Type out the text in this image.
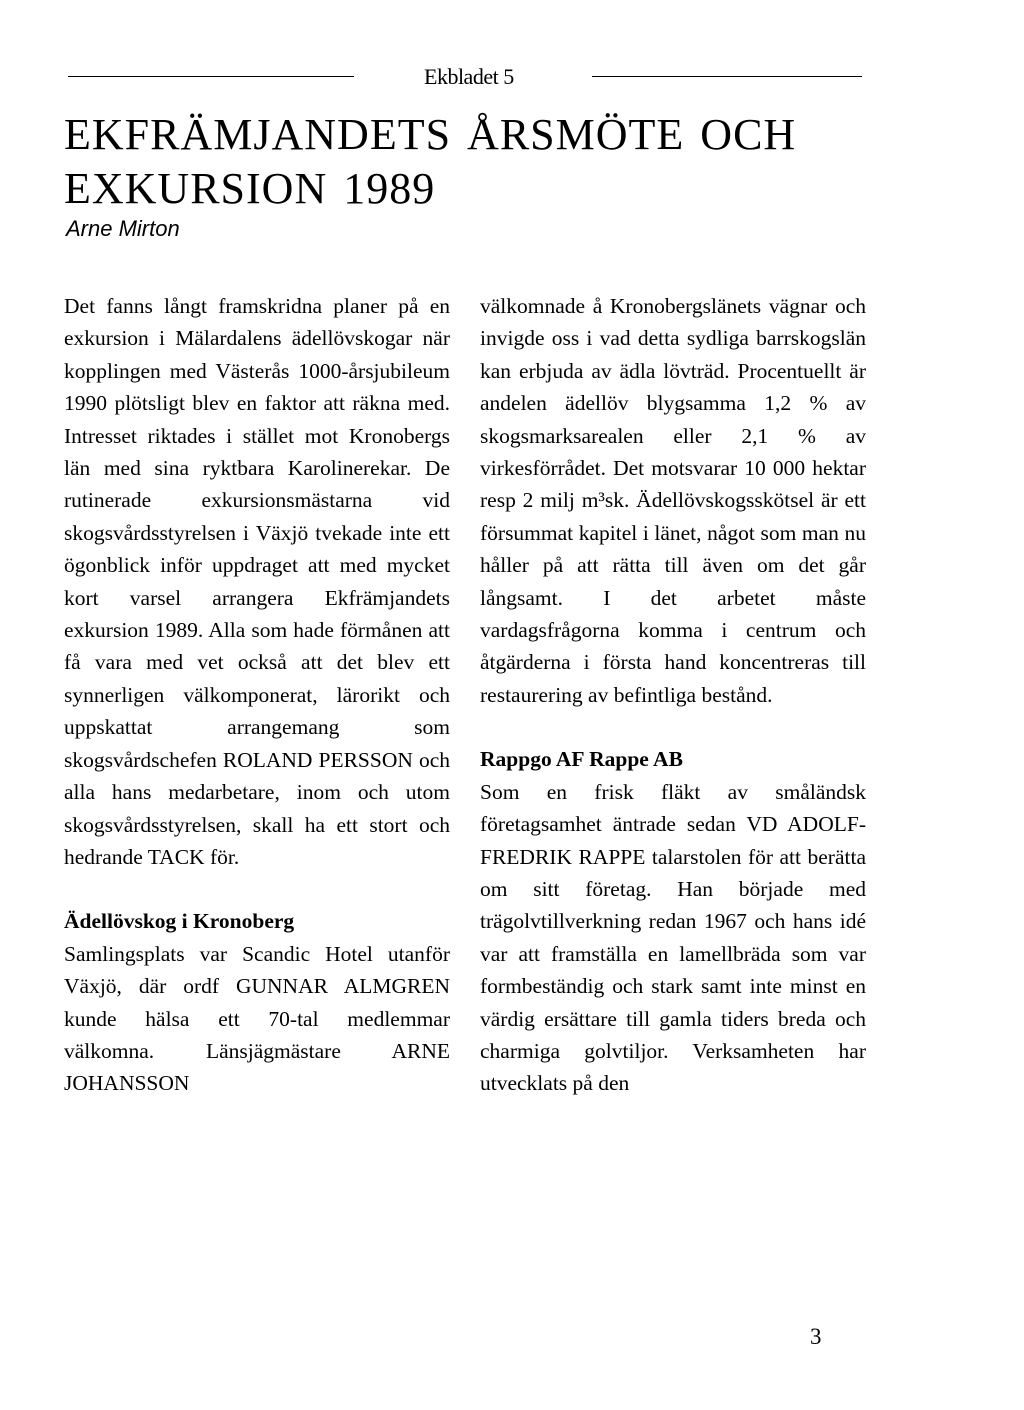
Ekbladet 5
EKFRÄMJANDETS ÅRSMÖTE OCH
EXKURSION 1989
Arne Mirton

Det fanns långt framskridna planer på en exkursion i Mälardalens ädellövskogar när kopplingen med Västerås 1000-årsjubileum 1990 plötsligt blev en faktor att räkna med. Intresset riktades i stället mot Kronobergs län med sina ryktbara Karolinerekar. De rutinerade exkursionsmästarna vid skogsvårdsstyrelsen i Växjö tvekade inte ett ögonblick inför uppdraget att med mycket kort varsel arrangera Ekfrämjandets exkursion 1989. Alla som hade förmånen att få vara med vet också att det blev ett synnerligen välkomponerat, lärorikt och uppskattat arrangemang som skogsvårdschefen ROLAND PERSSON och alla hans medarbetare, inom och utom skogsvårdsstyrelsen, skall ha ett stort och hedrande TACK för.

Ädellövskog i Kronoberg

Samlingsplats var Scandic Hotel utanför Växjö, där ordf GUNNAR ALMGREN kunde hälsa ett 70-tal medlemmar välkomna. Länsjägmästare ARNE JOHANSSON

välkomnade å Kronobergslänets vägnar och invigde oss i vad detta sydliga barrskogslän kan erbjuda av ädla lövträd. Procentuellt är andelen ädellöv blygsamma 1,2 % av skogsmarksarealen eller 2,1 % av virkesförrådet. Det motsvarar 10 000 hektar resp 2 milj m³sk. Ädellövskogsskötsel är ett försummat kapitel i länet, något som man nu håller på att rätta till även om det går långsamt. I det arbetet måste vardagsfrågorna komma i centrum och åtgärderna i första hand koncentreras till restaurering av befintliga bestånd.

Rappgo AF Rappe AB

Som en frisk fläkt av småländsk företagsamhet äntrade sedan VD ADOLF-FREDRIK RAPPE talarstolen för att berätta om sitt företag. Han började med trägolvtillverkning redan 1967 och hans idé var att framställa en lamellbräda som var formbeständig och stark samt inte minst en värdig ersättare till gamla tiders breda och charmiga golvtiljor. Verksamheten har utvecklats på den

3
